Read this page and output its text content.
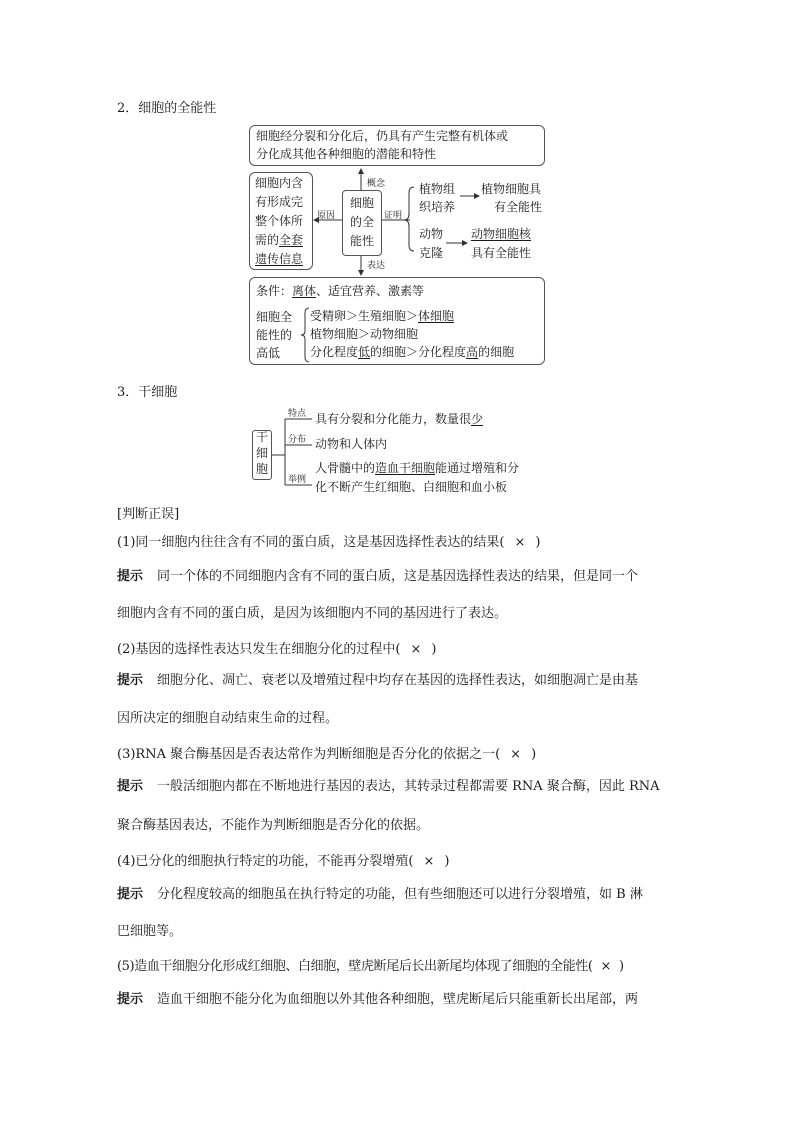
2．细胞的全能性
细胞经分裂和分化后，仍具有产生完整有机体或
分化成其他各种细胞的潜能和特性
细胞
的全
能性
概念
原因	证明
表达
细胞内含
有形成完
整个体所
需的全套
遗传信息
植物组
织培养
植物细胞具
有全能性
动物
克隆
动物细胞核
具有全能性
条件：离体、适宜营养、激素等
细胞全
能性的
高低
受精卵＞生殖细胞＞体细胞
植物细胞＞动物细胞
分化程度低的细胞＞分化程度高的细胞
3．干细胞
干
细
胞
特点
分布
举例
具有分裂和分化能力，数量很少
动物和人体内
人骨髓中的造血干细胞能通过增殖和分
化不断产生红细胞、白细胞和血小板
[判断正误]
(1)同一细胞内往往含有不同的蛋白质，这是基因选择性表达的结果( × )
提示 同一个体的不同细胞内含有不同的蛋白质，这是基因选择性表达的结果，但是同一个
细胞内含有不同的蛋白质，是因为该细胞内不同的基因进行了表达。
(2)基因的选择性表达只发生在细胞分化的过程中( × )
提示 细胞分化、凋亡、衰老以及增殖过程中均存在基因的选择性表达，如细胞凋亡是由基
因所决定的细胞自动结束生命的过程。
(3)RNA 聚合酶基因是否表达常作为判断细胞是否分化的依据之一( × )
提示 一般活细胞内都在不断地进行基因的表达，其转录过程都需要 RNA 聚合酶，因此 RNA
聚合酶基因表达，不能作为判断细胞是否分化的依据。
(4)已分化的细胞执行特定的功能，不能再分裂增殖( × )
提示 分化程度较高的细胞虽在执行特定的功能，但有些细胞还可以进行分裂增殖，如 B 淋
巴细胞等。
(5)造血干细胞分化形成红细胞、白细胞，壁虎断尾后长出新尾均体现了细胞的全能性( × )
提示 造血干细胞不能分化为血细胞以外其他各种细胞，壁虎断尾后只能重新长出尾部，两
